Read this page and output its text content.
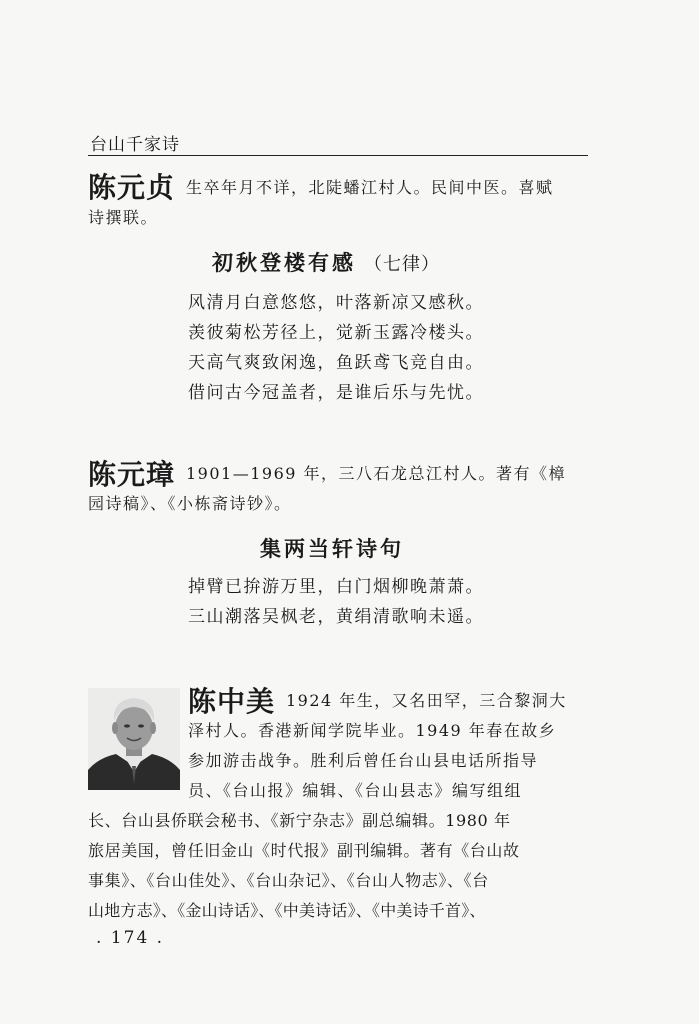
台山千家诗
陈元贞 生卒年月不详，北陡蟠江村人。民间中医。喜赋
诗撰联。
初秋登楼有感 （七律）
风清月白意悠悠，叶落新凉又感秋。
羡彼菊松芳径上，觉新玉露冷楼头。
天高气爽致闲逸，鱼跃鸢飞竞自由。
借问古今冠盖者，是谁后乐与先忧。
陈元璋 1901—1969 年，三八石龙总江村人。著有《樟
园诗稿》、《小栋斋诗钞》。
集两当轩诗句
掉臂已拚游万里，白门烟柳晚萧萧。
三山潮落吴枫老，黄绢清歌响未遥。
陈中美 1924 年生，又名田罕，三合黎洞大
泽村人。香港新闻学院毕业。1949 年春在故乡
参加游击战争。胜利后曾任台山县电话所指导
员、《台山报》编辑、《台山县志》编写组组
长、台山县侨联会秘书、《新宁杂志》副总编辑。1980 年
旅居美国，曾任旧金山《时代报》副刊编辑。著有《台山故
事集》、《台山佳处》、《台山杂记》、《台山人物志》、《台
山地方志》、《金山诗话》、《中美诗话》、《中美诗千首》、
. 174 .
